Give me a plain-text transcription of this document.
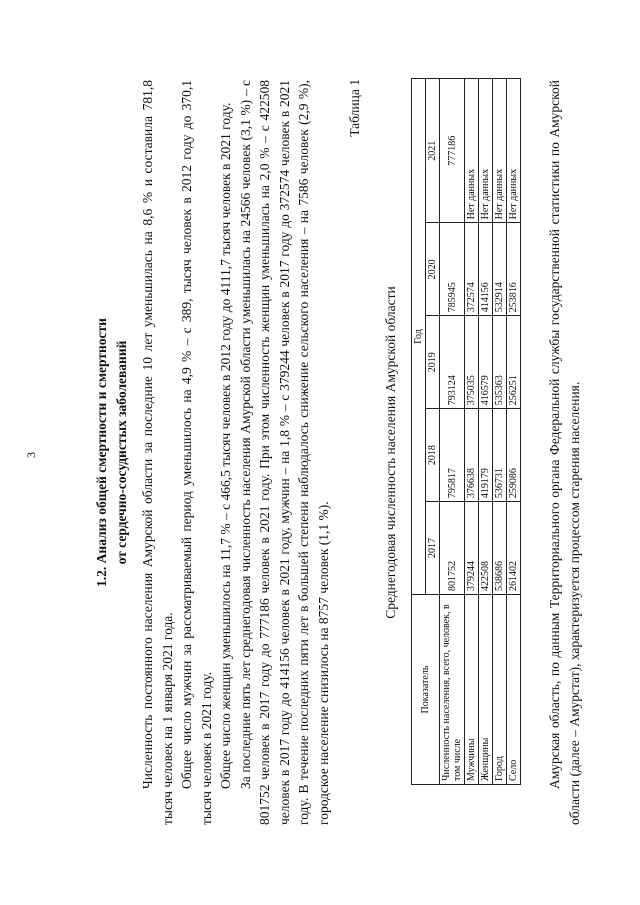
3	1.2. Анализ общей смертности и смертности от сердечно-сосудистых заболеваний Численность постоянного населения Амурской области за последние 10 лет уменьшилась на 8,6 % и составила 781,8 тысяч человек на 1 января 2021 года. Общее число мужчин за рассматриваемый период уменьшилось на 4,9 % – с 389, тысяч человек в 2012 году до 370,1 тысяч человек в 2021 году. Общее число женщин уменьшилось на 11,7 % – с 466,5 тысяч человек в 2012 году до 4111,7 тысяч человек в 2021 году. За последние пять лет среднегодовая численность населения Амурской области уменьшилась на 24566 человек (3,1 %) – с 801752 человек в 2017 году до 777186 человек в 2021 году. При этом численность женщин уменьшилась на 2,0 % – с 422508 человек в 2017 году до 414156 человек в 2021 году, мужчин – на 1,8 % – с 379244 человек в 2017 году до 372574 человек в 2021 году. В течение последних пяти лет в большей степени наблюдалось снижение сельского населения – на 7586 человек (2,9 %), городское население снизилось на 8757 человек (1,1 %).

Таблица 1
Среднегодовая численность населения Амурской области
Показатель	Год				
	2017	2018	2019	2020	2021
Численность населения, всего, человек, в том числе	801752	795817	793124	785945	777186
Мужчины	379244	376638	375035	372574	Нет данных
Женщины	422508	419179	416579	414156	Нет данных
Город	538686	536731	535363	532914	Нет данных
Село	261402	259086	256251	253816	Нет данных Амурская область, по данным Территориального органа Федеральной службы государственной статистики по Амурской области (далее – Амурстат), характеризуется процессом старения населения.
